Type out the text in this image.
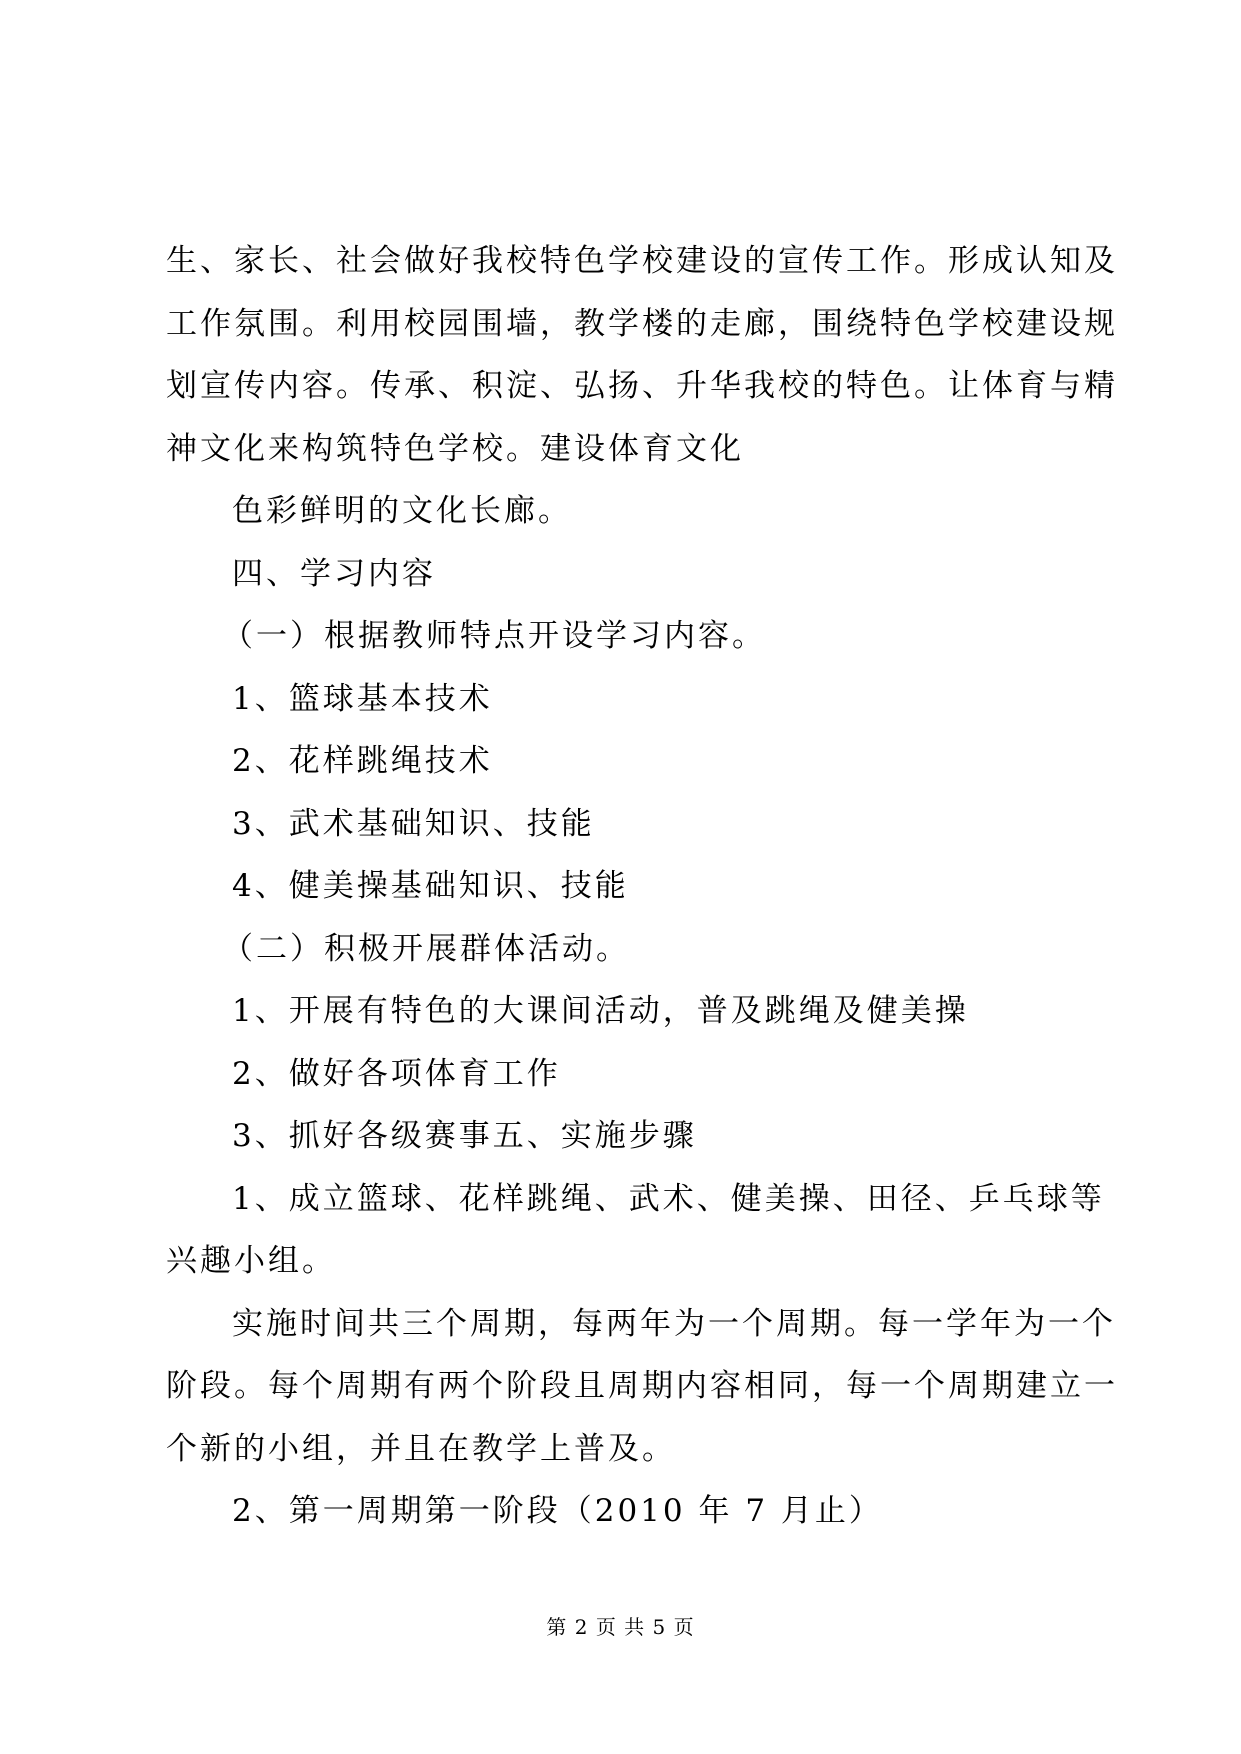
生、家长、社会做好我校特色学校建设的宣传工作。形成认知及

工作氛围。利用校园围墙，教学楼的走廊，围绕特色学校建设规

划宣传内容。传承、积淀、弘扬、升华我校的特色。让体育与精

神文化来构筑特色学校。建设体育文化

色彩鲜明的文化长廊。

四、学习内容

（一）根据教师特点开设学习内容。

1、篮球基本技术

2、花样跳绳技术

3、武术基础知识、技能

4、健美操基础知识、技能

（二）积极开展群体活动。

1、开展有特色的大课间活动，普及跳绳及健美操

2、做好各项体育工作

3、抓好各级赛事五、实施步骤

1、成立篮球、花样跳绳、武术、健美操、田径、乒乓球等

兴趣小组。

实施时间共三个周期，每两年为一个周期。每一学年为一个

阶段。每个周期有两个阶段且周期内容相同，每一个周期建立一

个新的小组，并且在教学上普及。

2、第一周期第一阶段（2010 年 7 月止）

第 2 页 共 5 页
